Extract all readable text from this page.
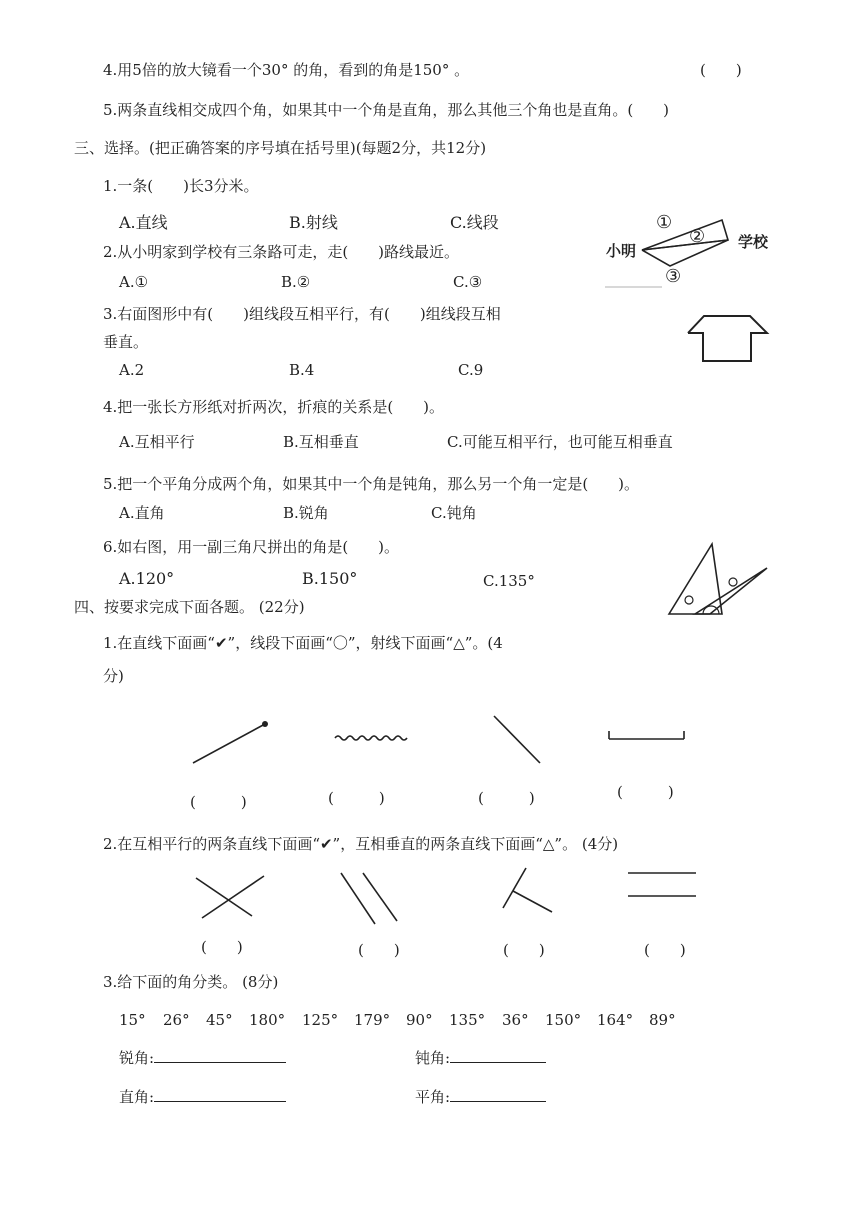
4.用5倍的放大镜看一个30° 的角，看到的角是150° 。	(　　)
5.两条直线相交成四个角，如果其中一个角是直角，那么其他三个角也是直角。(　　)
三、选择。(把正确答案的序号填在括号里)(每题2分，共12分)
1.一条(　　)长3分米。
A.直线	B.射线	C.线段
2.从小明家到学校有三条路可走，走(　　)路线最近。
A.①	B.②	C.③
小明	学校
①
②
③
3.右面图形中有(　　)组线段互相平行，有(　　)组线段互相
垂直。
A.2	B.4	C.9
4.把一张长方形纸对折两次，折痕的关系是(　　)。
A.互相平行	B.互相垂直	C.可能互相平行，也可能互相垂直
5.把一个平角分成两个角，如果其中一个角是钝角，那么另一个角一定是(　　)。
A.直角	B.锐角	C.钝角
6.如右图，用一副三角尺拼出的角是(　　)。
A.120°	B.150°	C.135°
四、按要求完成下面各题。 (22分)
1.在直线下面画“✔”，线段下面画“〇”，射线下面画“△”。(4
分)
(　　　)	(　　　)	(　　　)	(　　　)
2.在互相平行的两条直线下面画“✔”，互相垂直的两条直线下面画“△”。 (4分)
(　　)	(　　)	(　　)	(　　)
3.给下面的角分类。 (8分)
15° 26° 45° 180° 125° 179° 90° 135° 36° 150° 164° 89°
锐角:	钝角:
直角:	平角:
